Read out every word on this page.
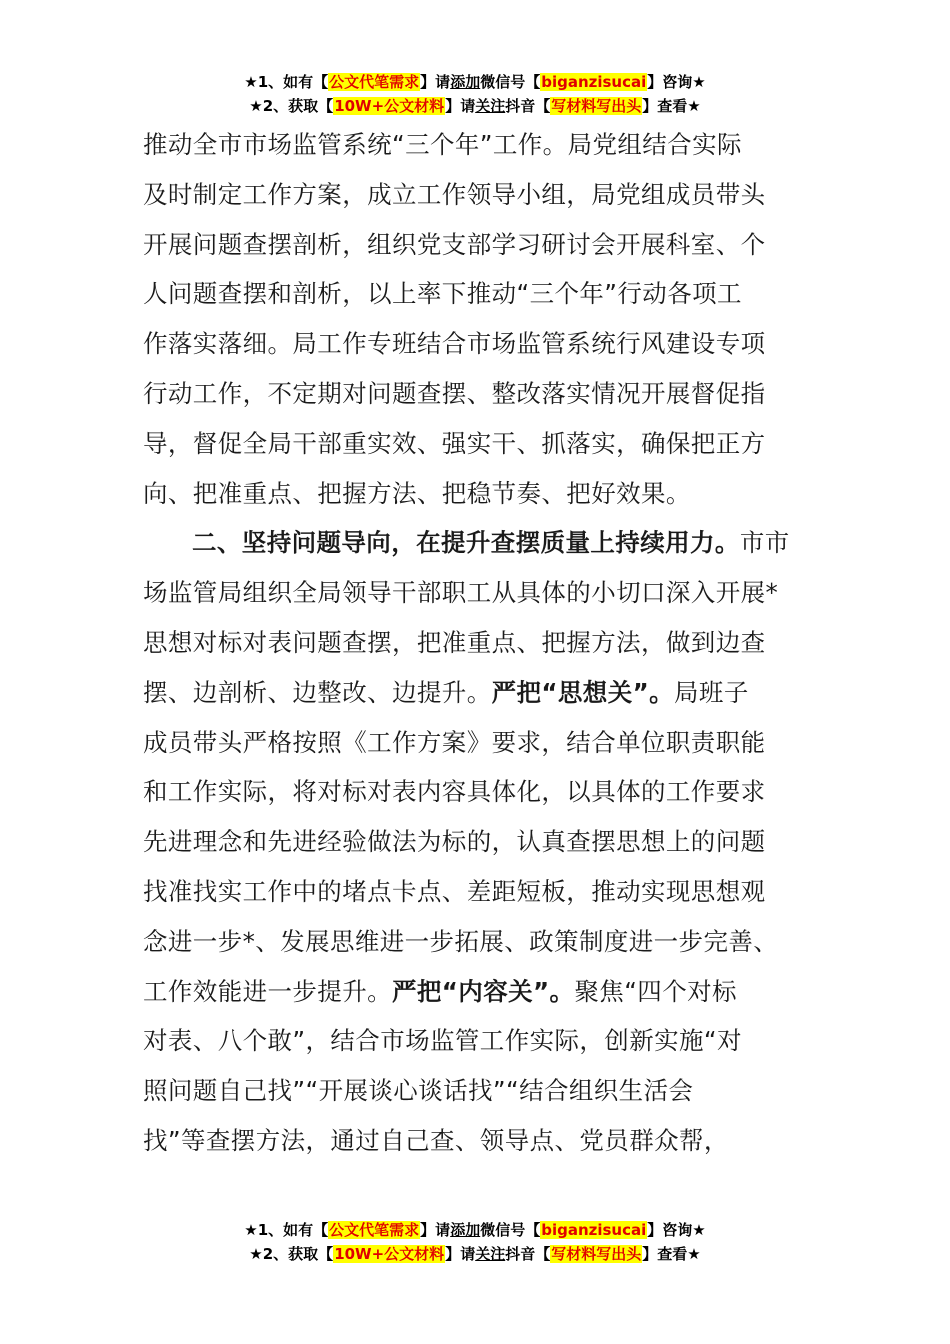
★1、如有【公文代笔需求】请添加微信号【biganzisucai】咨询★
★2、获取【10W+公文材料】请关注抖音【写材料写出头】查看★

推动全市市场监管系统“三个年”工作。局党组结合实际
及时制定工作方案，成立工作领导小组，局党组成员带头
开展问题查摆剖析，组织党支部学习研讨会开展科室、个
人问题查摆和剖析，以上率下推动“三个年”行动各项工
作落实落细。局工作专班结合市场监管系统行风建设专项
行动工作，不定期对问题查摆、整改落实情况开展督促指
导，督促全局干部重实效、强实干、抓落实，确保把正方
向、把准重点、把握方法、把稳节奏、把好效果。

二、坚持问题导向，在提升查摆质量上持续用力。市市
场监管局组织全局领导干部职工从具体的小切口深入开展*
思想对标对表问题查摆，把准重点、把握方法，做到边查
摆、边剖析、边整改、边提升。严把“思想关”。局班子
成员带头严格按照《工作方案》要求，结合单位职责职能
和工作实际，将对标对表内容具体化，以具体的工作要求
先进理念和先进经验做法为标的，认真查摆思想上的问题
找准找实工作中的堵点卡点、差距短板，推动实现思想观
念进一步*、发展思维进一步拓展、政策制度进一步完善、
工作效能进一步提升。严把“内容关”。聚焦“四个对标
对表、八个敢”，结合市场监管工作实际，创新实施“对
照问题自己找”“开展谈心谈话找”“结合组织生活会
找”等查摆方法，通过自己查、领导点、党员群众帮，

★1、如有【公文代笔需求】请添加微信号【biganzisucai】咨询★
★2、获取【10W+公文材料】请关注抖音【写材料写出头】查看★
